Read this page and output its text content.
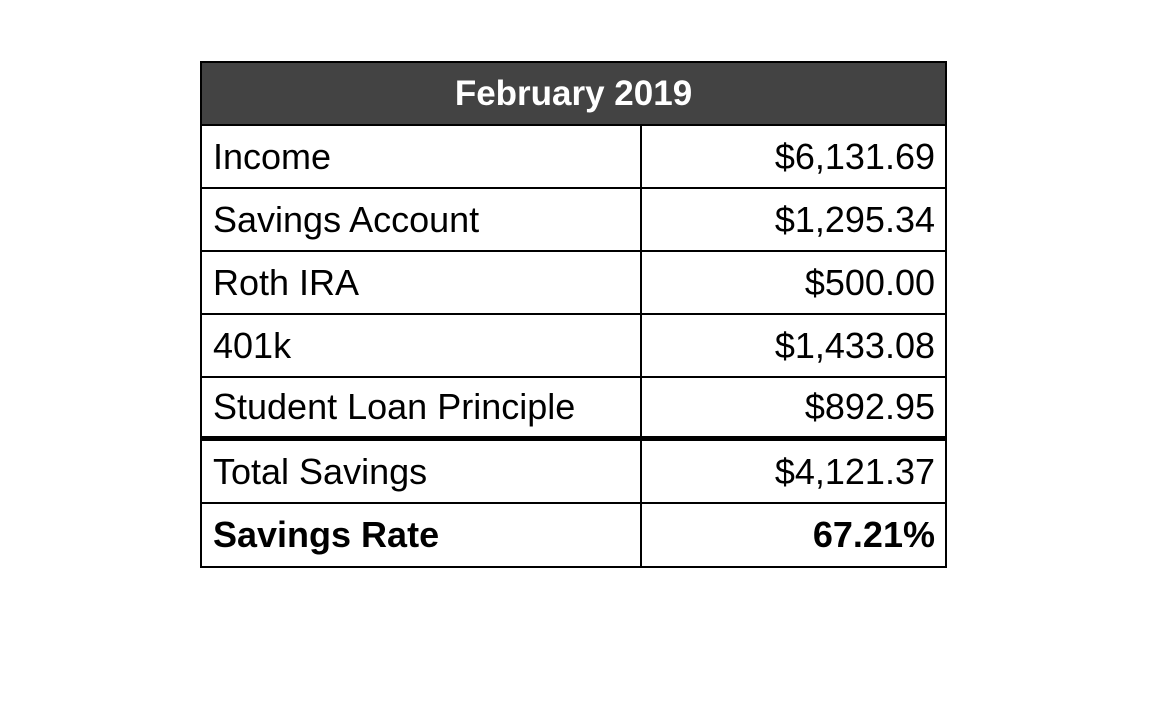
February 2019
Income	$6,131.69
Savings Account	$1,295.34
Roth IRA	$500.00
401k	$1,433.08
Student Loan Principle	$892.95
Total Savings	$4,121.37
Savings Rate	67.21%
